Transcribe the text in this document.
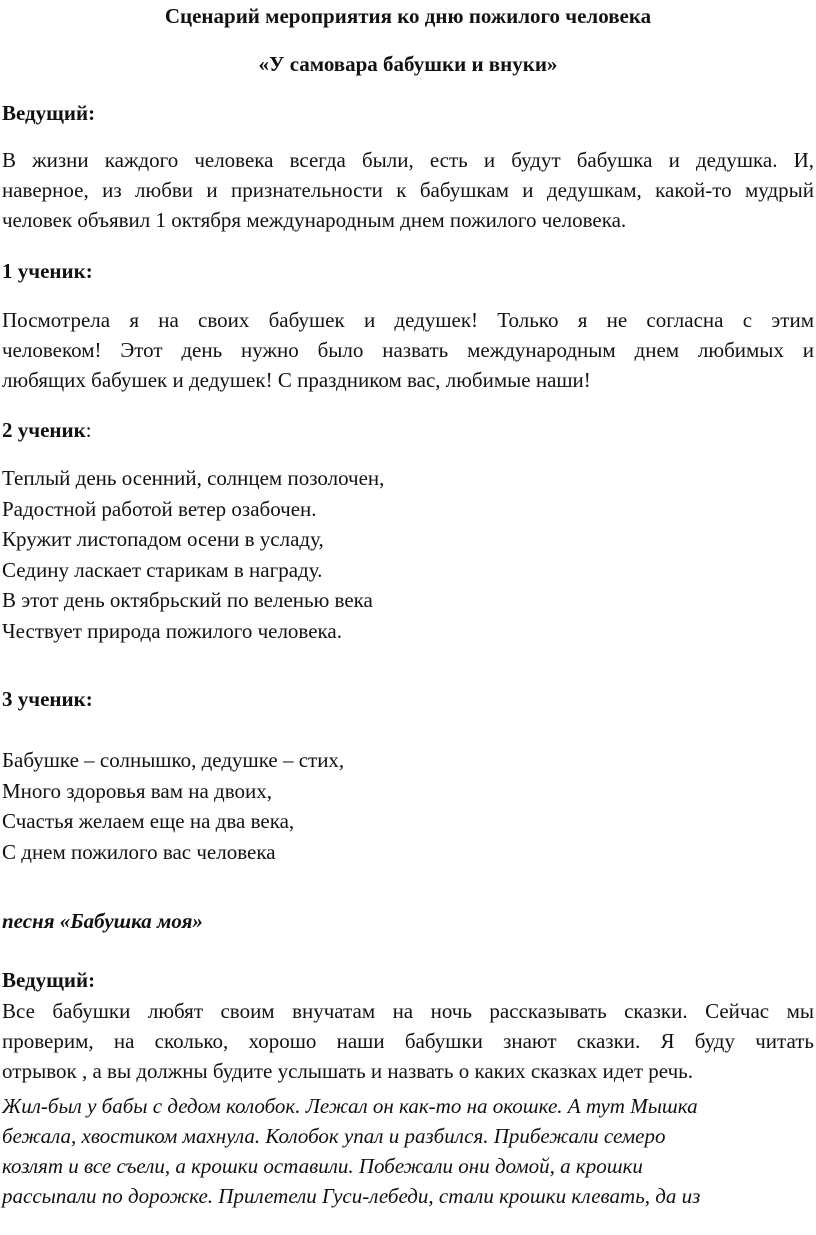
Сценарий мероприятия ко дню пожилого человека
«У самовара бабушки и внуки»
Ведущий:
В жизни каждого человека всегда были, есть и будут бабушка и дедушка. И,
наверное, из любви и признательности к бабушкам и дедушкам, какой-то мудрый
человек объявил 1 октября международным днем пожилого человека.
1 ученик:
Посмотрела я на своих бабушек и дедушек! Только я не согласна с этим
человеком! Этот день нужно было назвать международным днем любимых и
любящих бабушек и дедушек! С праздником вас, любимые наши!
2 ученик:
Теплый день осенний, солнцем позолочен,
Радостной работой ветер озабочен.
Кружит листопадом осени в усладу,
Седину ласкает старикам в награду.
В этот день октябрьский по веленью века
Чествует природа пожилого человека.
3 ученик:
Бабушке – солнышко, дедушке – стих,
Много здоровья вам на двоих,
Счастья желаем еще на два века,
С днем пожилого вас человека
песня «Бабушка моя»
Ведущий:
Все бабушки любят своим внучатам на ночь рассказывать сказки. Сейчас мы
проверим, на сколько, хорошо наши бабушки знают сказки. Я буду читать
отрывок , а вы должны будите услышать и назвать о каких сказках идет речь.
Жил-был у бабы с дедом колобок. Лежал он как-то на окошке. А тут Мышка
бежала, хвостиком махнула. Колобок упал и разбился. Прибежали семеро
козлят и все съели, а крошки оставили. Побежали они домой, а крошки
рассыпали по дорожке. Прилетели Гуси-лебеди, стали крошки клевать, да из
